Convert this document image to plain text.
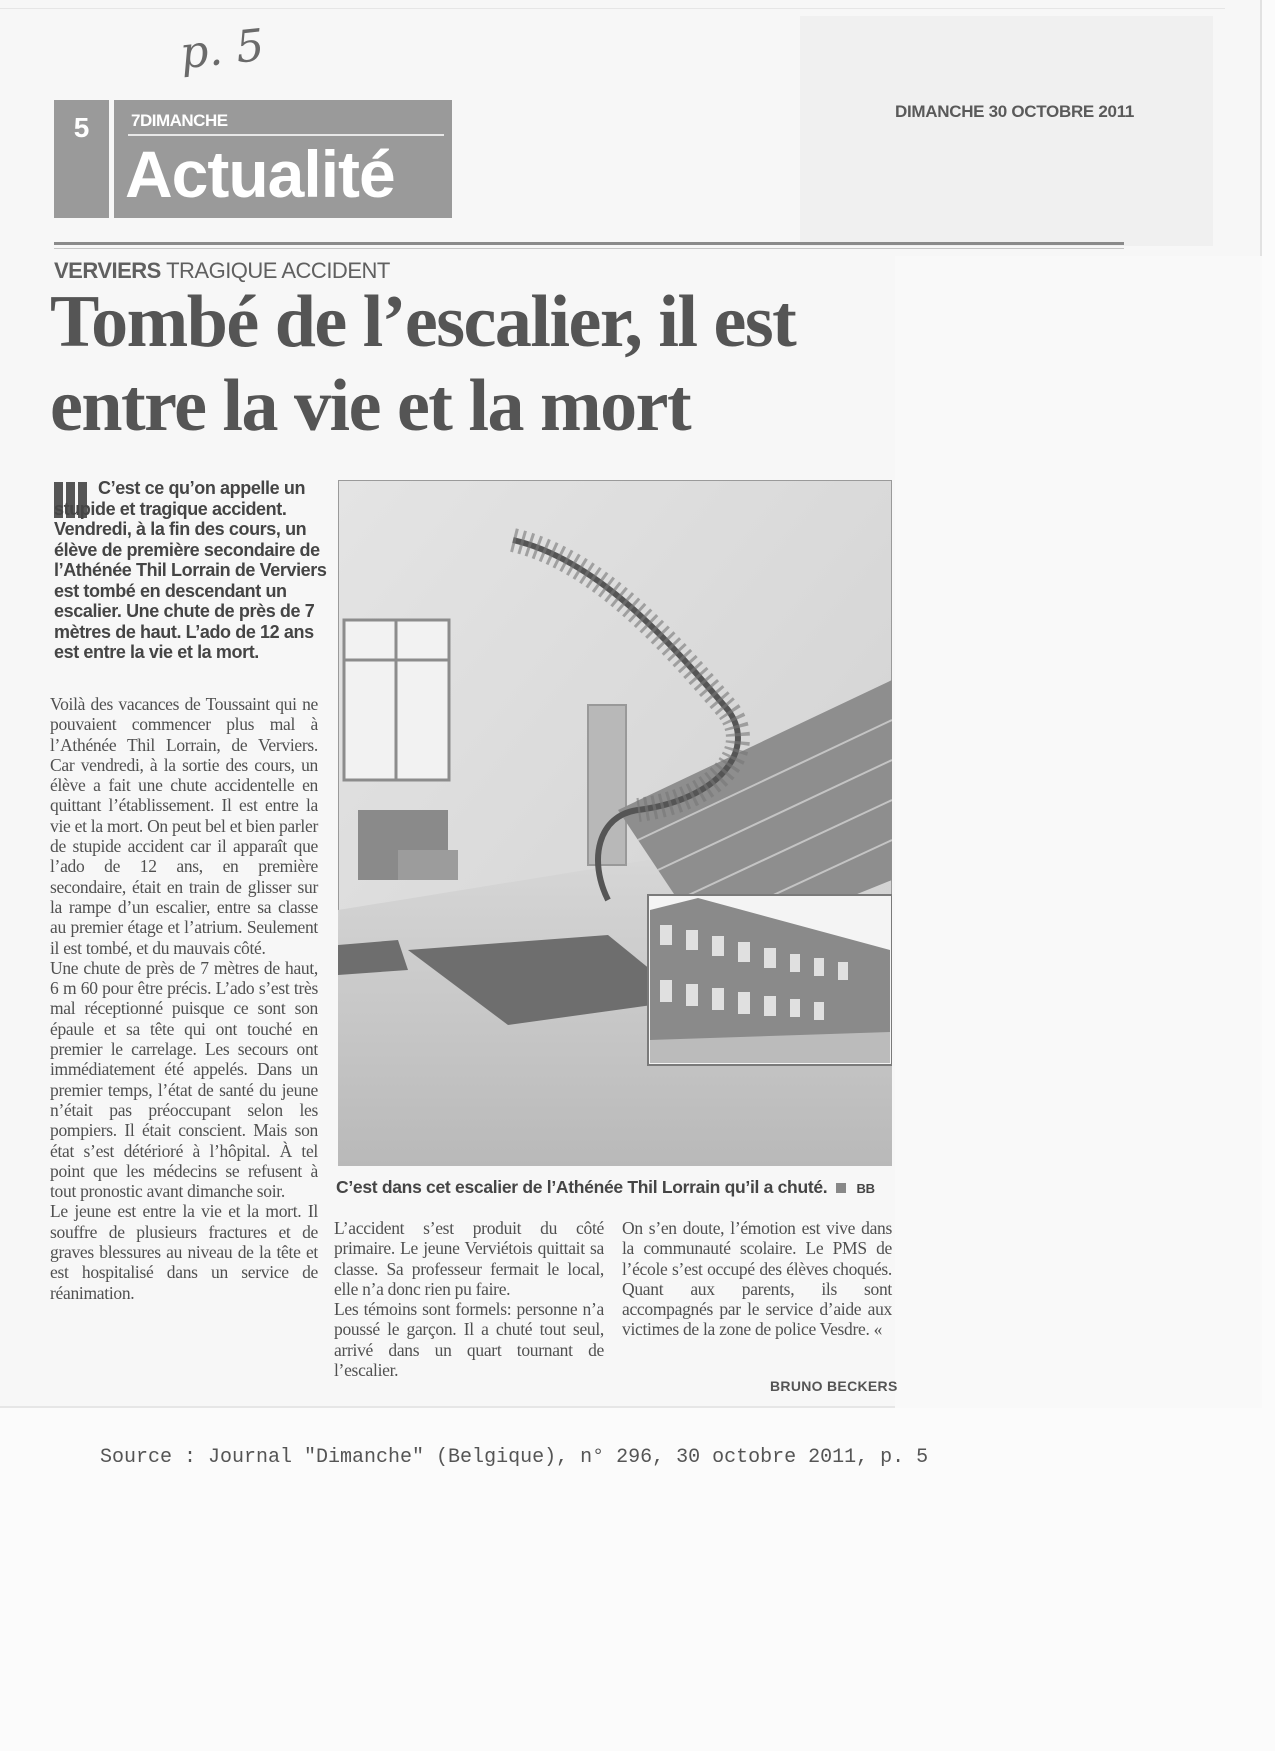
p. 5
5	7DIMANCHE
Actualité
DIMANCHE 30 OCTOBRE 2011
VERVIERS TRAGIQUE ACCIDENT
Tombé de l’escalier, il est entre la vie et la mort

C’est ce qu’on appelle un stupide et tragique accident. Vendredi, à la fin des cours, un élève de première secondaire de l’Athénée Thil Lorrain de Verviers est tombé en descendant un escalier. Une chute de près de 7 mètres de haut. L’ado de 12 ans est entre la vie et la mort.

Voilà des vacances de Toussaint qui ne pouvaient commencer plus mal à l’Athénée Thil Lorrain, de Verviers. Car vendredi, à la sortie des cours, un élève a fait une chute accidentelle en quittant l’établissement. Il est entre la vie et la mort. On peut bel et bien parler de stupide accident car il apparaît que l’ado de 12 ans, en première secondaire, était en train de glisser sur la rampe d’un escalier, entre sa classe au premier étage et l’atrium. Seulement il est tombé, et du mauvais côté.

Une chute de près de 7 mètres de haut, 6 m 60 pour être précis. L’ado s’est très mal réceptionné puisque ce sont son épaule et sa tête qui ont touché en premier le carrelage. Les secours ont immédiatement été appelés. Dans un premier temps, l’état de santé du jeune n’était pas préoccupant selon les pompiers. Il était conscient. Mais son état s’est détérioré à l’hôpital. À tel point que les médecins se refusent à tout pronostic avant dimanche soir.

Le jeune est entre la vie et la mort. Il souffre de plusieurs fractures et de graves blessures au niveau de la tête et est hospitalisé dans un service de réanimation.

C’est dans cet escalier de l’Athénée Thil Lorrain qu’il a chuté. BB

L’accident s’est produit du côté primaire. Le jeune Verviétois quittait sa classe. Sa professeur fermait le local, elle n’a donc rien pu faire.

Les témoins sont formels: personne n’a poussé le garçon. Il a chuté tout seul, arrivé dans un quart tournant de l’escalier.

On s’en doute, l’émotion est vive dans la communauté scolaire. Le PMS de l’école s’est occupé des élèves choqués. Quant aux parents, ils sont accompagnés par le service d’aide aux victimes de la zone de police Vesdre. «

BRUNO BECKERS
Source : Journal "Dimanche" (Belgique), n° 296, 30 octobre 2011, p. 5
